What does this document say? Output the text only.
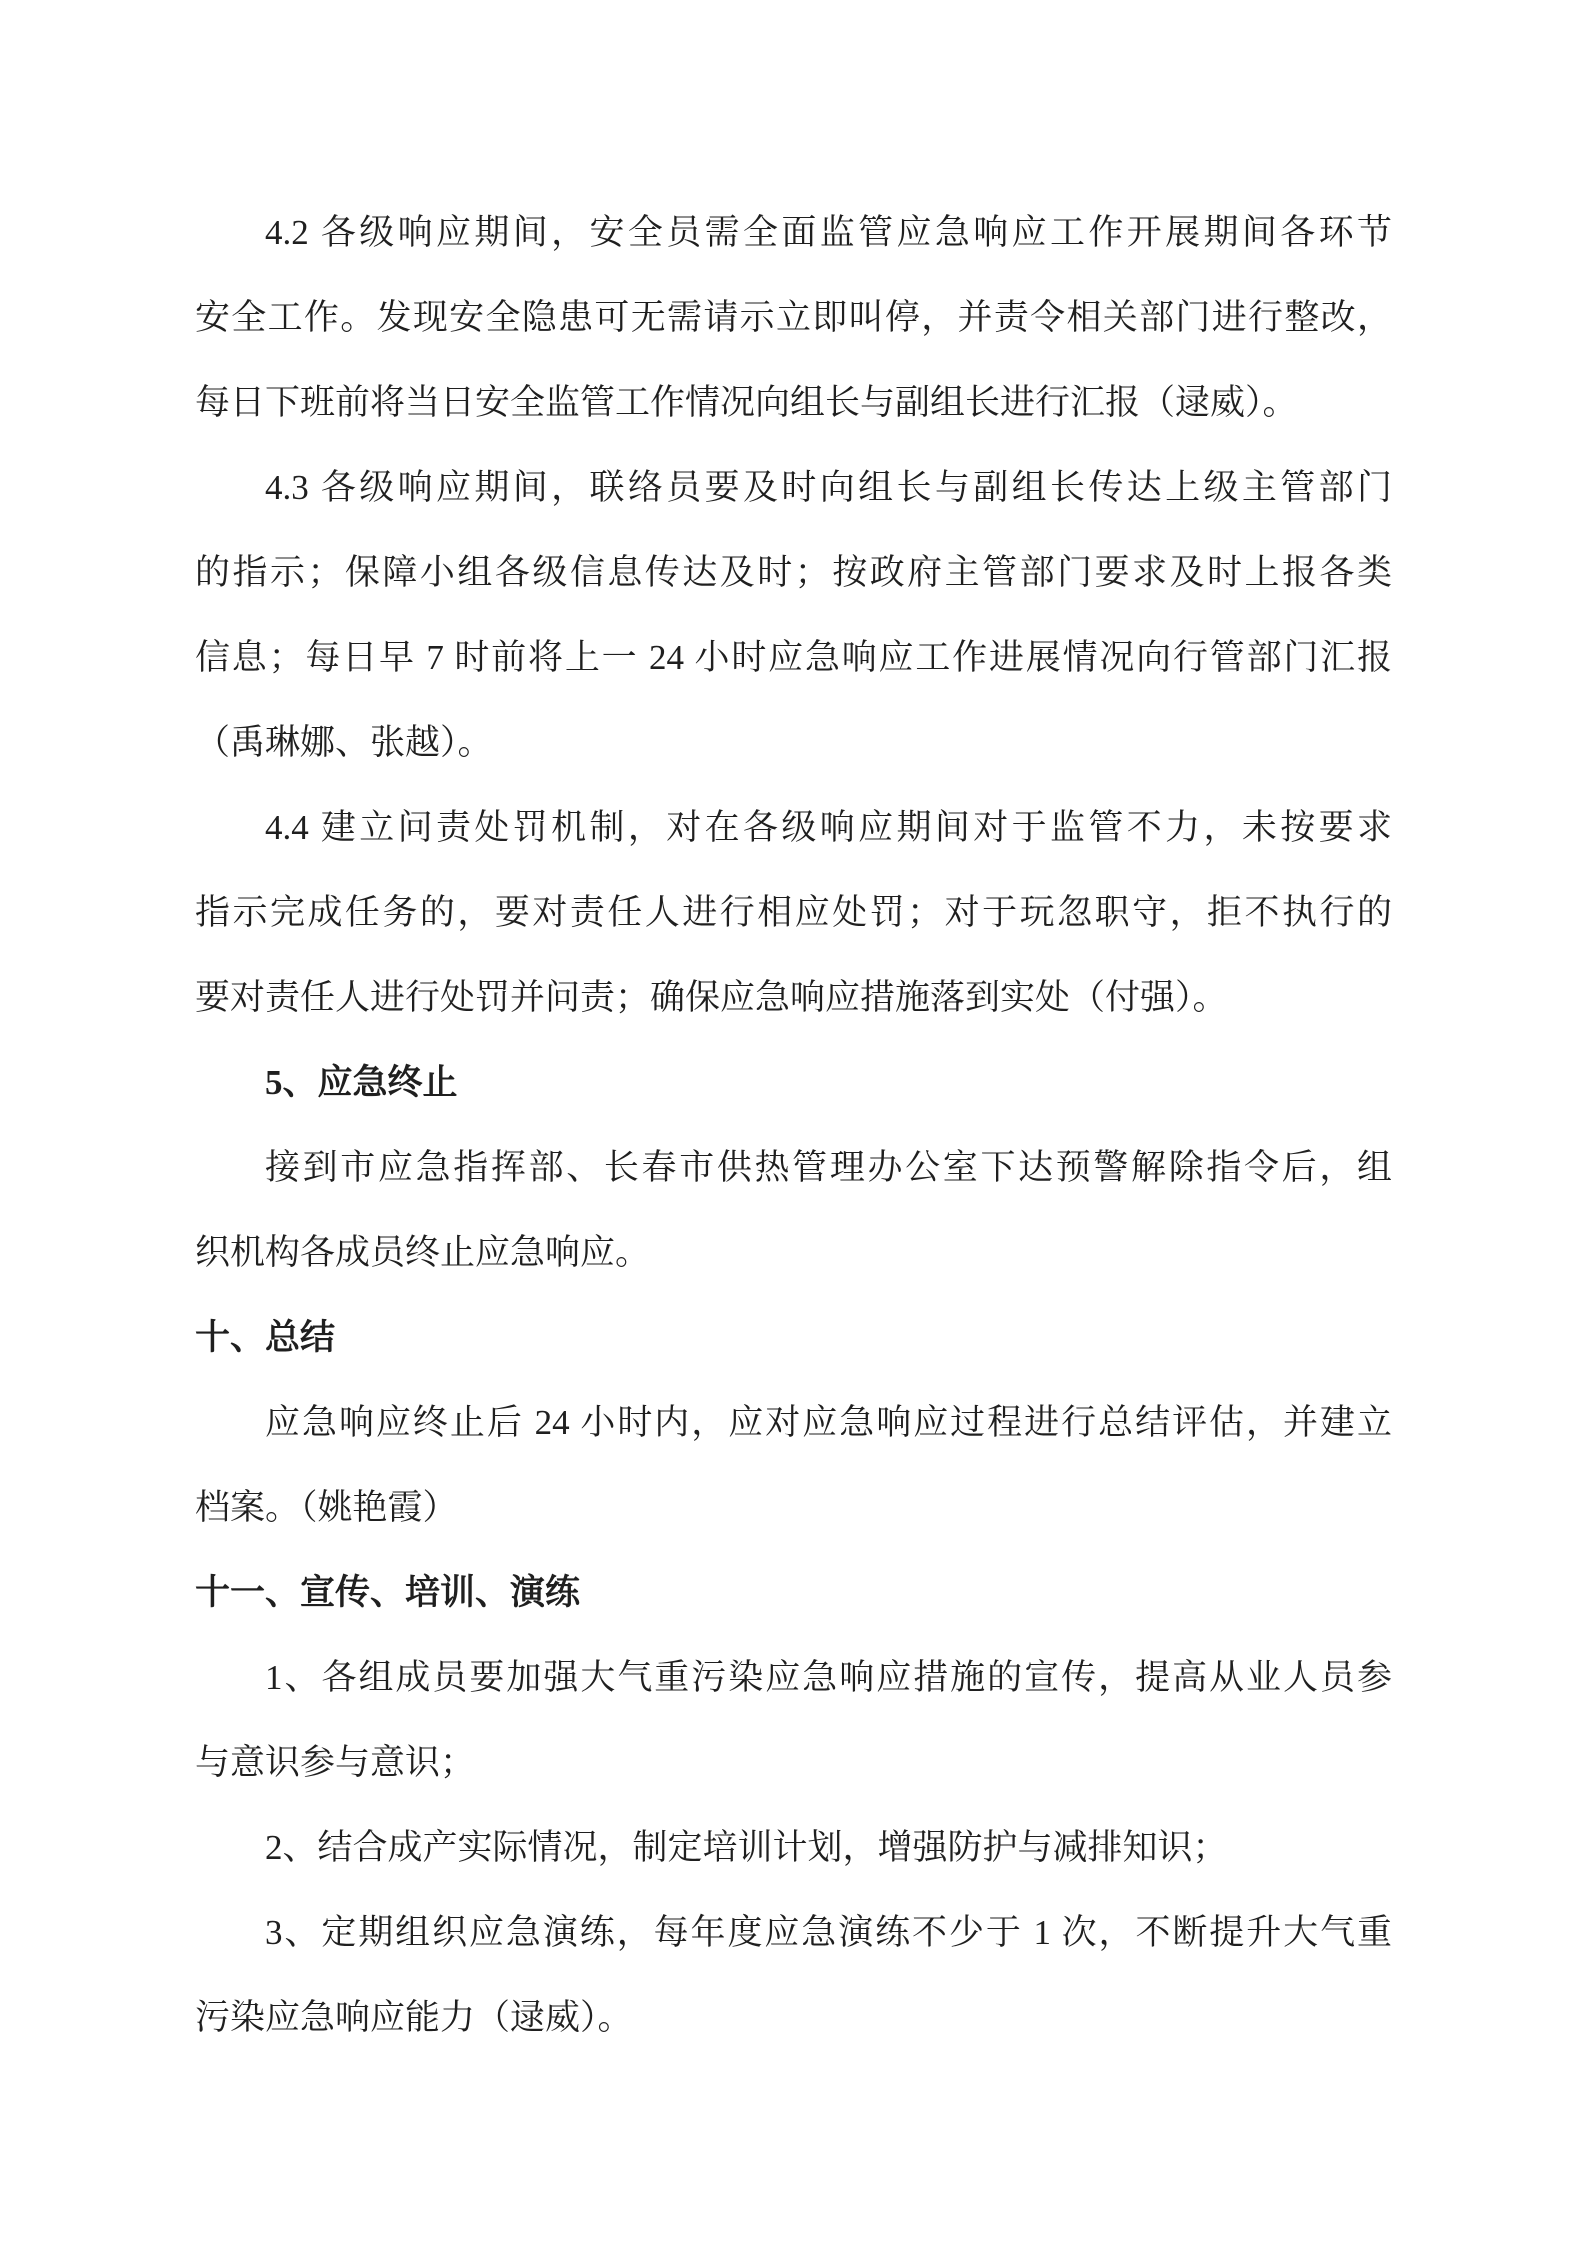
4.2 各级响应期间，安全员需全面监管应急响应工作开展期间各环节
安全工作。发现安全隐患可无需请示立即叫停，并责令相关部门进行整改，
每日下班前将当日安全监管工作情况向组长与副组长进行汇报（逯威）。
4.3 各级响应期间，联络员要及时向组长与副组长传达上级主管部门
的指示；保障小组各级信息传达及时；按政府主管部门要求及时上报各类
信息；每日早 7 时前将上一 24 小时应急响应工作进展情况向行管部门汇报
（禹琳娜、张越）。
4.4 建立问责处罚机制，对在各级响应期间对于监管不力，未按要求
指示完成任务的，要对责任人进行相应处罚；对于玩忽职守，拒不执行的
要对责任人进行处罚并问责；确保应急响应措施落到实处（付强）。
5、应急终止
接到市应急指挥部、长春市供热管理办公室下达预警解除指令后，组
织机构各成员终止应急响应。
十、总结
应急响应终止后 24 小时内，应对应急响应过程进行总结评估，并建立
档案。（姚艳霞）
十一、宣传、培训、演练
1、各组成员要加强大气重污染应急响应措施的宣传，提高从业人员参
与意识参与意识；
2、结合成产实际情况，制定培训计划，增强防护与减排知识；
3、定期组织应急演练，每年度应急演练不少于 1 次，不断提升大气重
污染应急响应能力（逯威）。
